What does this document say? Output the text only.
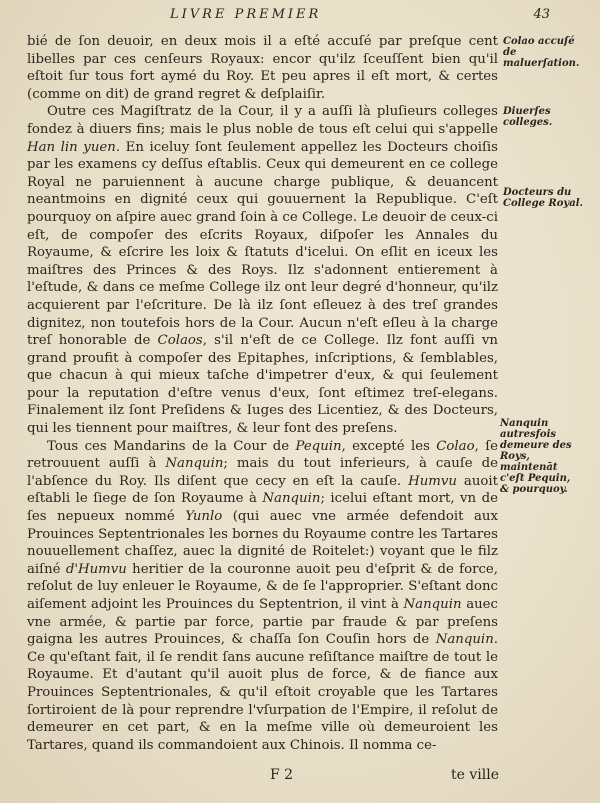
LIVRE PREMIER	43

bié de ſon deuoir, en deux mois il a eſté accuſé par preſque cent libelles par ces cenſeurs Royaux: encor qu'ilz ſceuſſent bien qu'il eſtoit ſur tous fort aymé du Roy. Et peu apres il eſt mort, & certes (comme on dit) de grand regret & deſplaiſir.

Outre ces Magiſtratz de la Cour, il y a auſſi là pluſieurs colleges fondez à diuers fins; mais le plus noble de tous eſt celui qui s'appelle Han lin yuen. En iceluy ſont ſeulement appellez les Docteurs choiſis par les examens cy deſſus eſtablis. Ceux qui demeurent en ce college Royal ne paruiennent à aucune charge publique, & deuancent neantmoins en dignité ceux qui gouuernent la Republique. C'eſt pourquoy on aſpire auec grand ſoin à ce College. Le deuoir de ceux-ci eſt, de compoſer des eſcrits Royaux, diſpoſer les Annales du Royaume, & eſcrire les loix & ſtatuts d'icelui. On eſlit en iceux les maiſtres des Princes & des Roys. Ilz s'adonnent entierement à l'eſtude, & dans ce meſme College ilz ont leur degré d'honneur, qu'ilz acquierent par l'eſcriture. De là ilz ſont eſleuez à des treſ grandes dignitez, non toutefois hors de la Cour. Aucun n'eſt eſleu à la charge treſ honorable de Colaos, s'il n'eſt de ce College. Ilz font auſſi vn grand proufit à compoſer des Epitaphes, inſcriptions, & ſemblables, que chacun à qui mieux taſche d'impetrer d'eux, & qui ſeulement pour la reputation d'eſtre venus d'eux, ſont eſtimez treſ-elegans. Finalement ilz ſont Preſidens & Iuges des Licentiez, & des Docteurs, qui les tiennent pour maiſtres, & leur font des preſens.

Tous ces Mandarins de la Cour de Pequin, excepté les Colao, ſe retrouuent auſſi à Nanquin; mais du tout inferieurs, à cauſe de l'abſence du Roy. Ils diſent que cecy en eſt la cauſe. Humvu auoit eſtabli le ſiege de ſon Royaume à Nanquin; icelui eſtant mort, vn de ſes nepueux nommé Yunlo (qui auec vne armée defendoit aux Prouinces Septentrionales les bornes du Royaume contre les Tartares nouuellement chaſſez, auec la dignité de Roitelet:) voyant que le filz aiſné d'Humvu heritier de la couronne auoit peu d'eſprit & de force, reſolut de luy enleuer le Royaume, & de ſe l'approprier. S'eſtant donc aiſement adjoint les Prouinces du Septentrion, il vint à Nanquin auec vne armée, & partie par force, partie par fraude & par preſens gaigna les autres Prouinces, & chaſſa ſon Couſin hors de Nanquin. Ce qu'eſtant fait, il ſe rendit ſans aucune reſiſtance maiſtre de tout le Royaume. Et d'autant qu'il auoit plus de force, & de fiance aux Prouinces Septentrionales, & qu'il eſtoit croyable que les Tartares ſortiroient de là pour reprendre l'vſurpation de l'Empire, il reſolut de demeurer en cet part, & en la meſme ville où demeuroient les Tartares, quand ils commandoient aux Chinois. Il nomma ce-

Colao accuſé de maluerſation.
Diuerſes colleges.
Docteurs du College Royal.
Nanquin autresfois demeure des Roys, maintenāt c'eſt Pequin, & pourquoy.
F 2	te ville
